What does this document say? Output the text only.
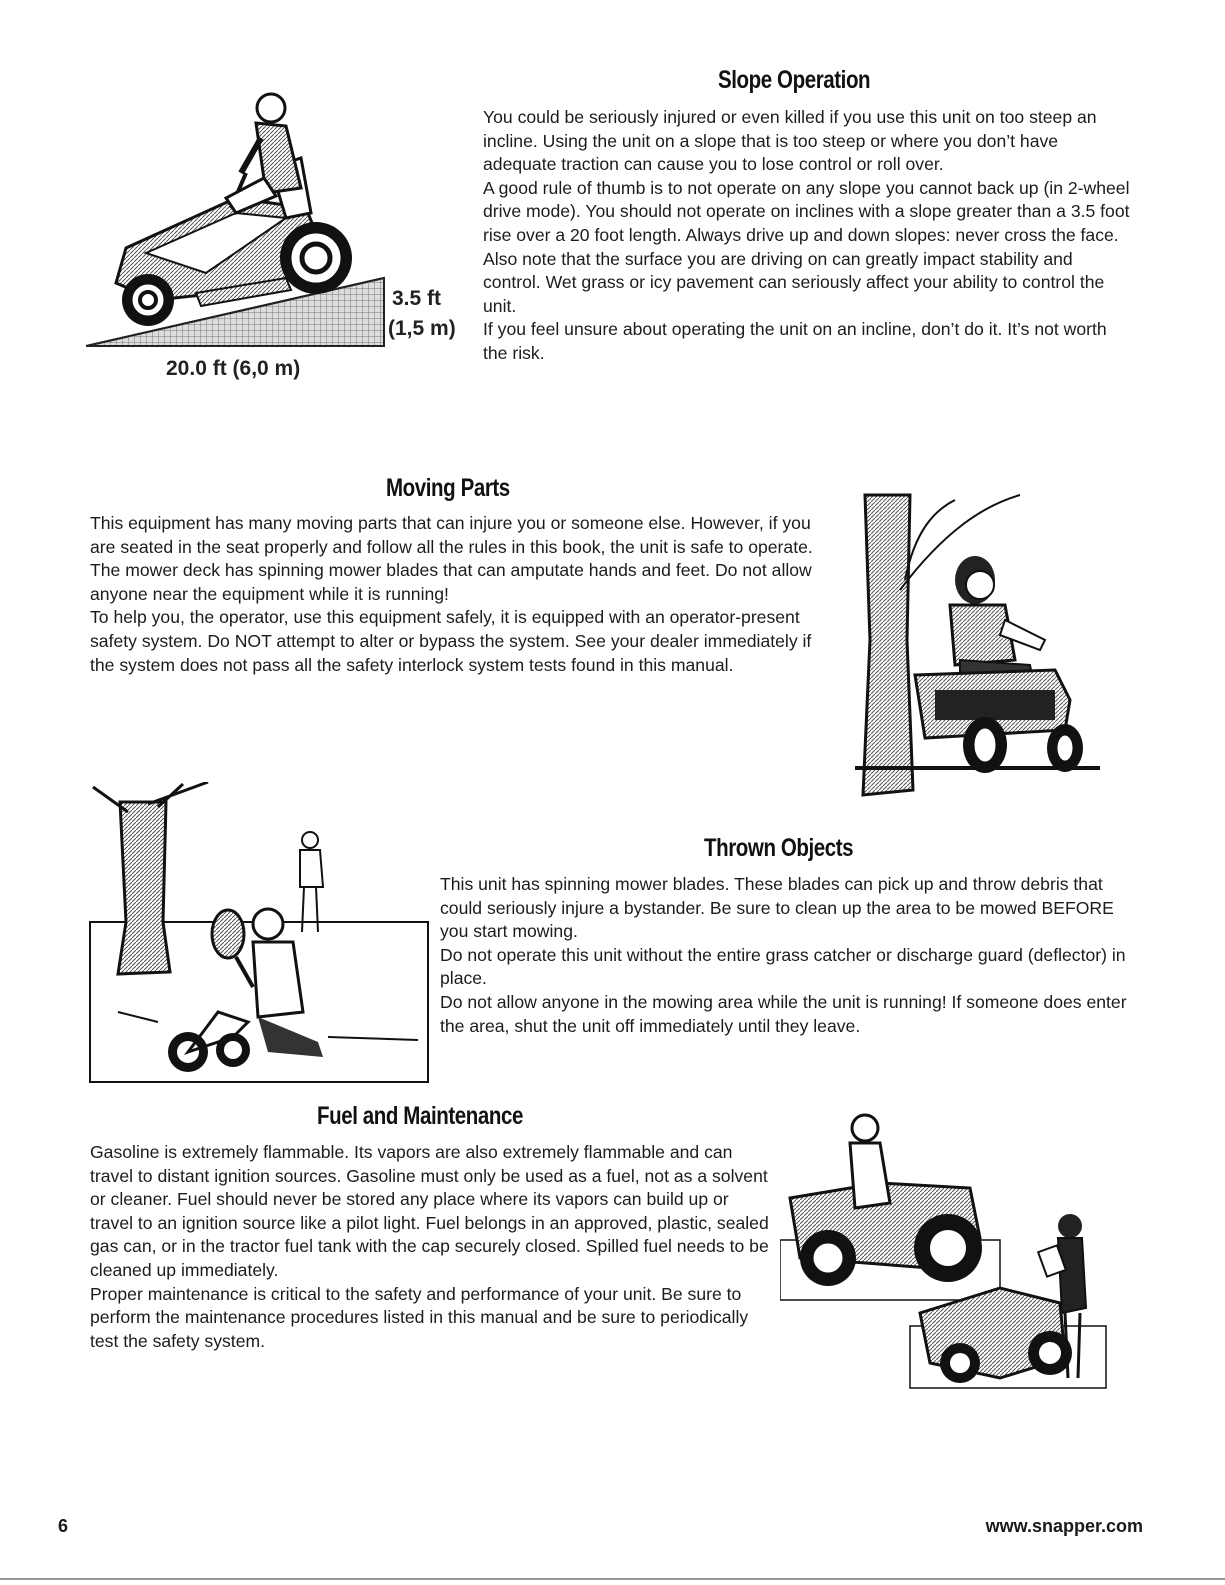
3.5 ft
(1,5 m)
20.0 ft (6,0 m)
Slope Operation

You could be seriously injured or even killed if you use this unit on too steep an incline. Using the unit on a slope that is too steep or where you don’t have adequate traction can cause you to lose control or roll over.

A good rule of thumb is to not operate on any slope you cannot back up (in 2-wheel drive mode). You should not operate on inclines with a slope greater than a 3.5 foot rise over a 20 foot length. Always drive up and down slopes: never cross the face.

Also note that the surface you are driving on can greatly impact stability and control. Wet grass or icy pavement can seriously affect your ability to control the unit.

If you feel unsure about operating the unit on an incline, don’t do it. It’s not worth the risk.

Moving Parts

This equipment has many moving parts that can injure you or someone else. However, if you are seated in the seat properly and follow all the rules in this book, the unit is safe to operate.

The mower deck has spinning mower blades that can amputate hands and feet. Do not allow anyone near the equipment while it is running!

To help you, the operator, use this equipment safely, it is equipped with an operator-present safety system. Do NOT attempt to alter or bypass the system. See your dealer immediately if the system does not pass all the safety interlock system tests found in this manual.

Thrown Objects

This unit has spinning mower blades. These blades can pick up and throw debris that could seriously injure a bystander. Be sure to clean up the area to be mowed BEFORE you start mowing.

Do not operate this unit without the entire grass catcher or discharge guard (deflector) in place.

Do not allow anyone in the mowing area while the unit is running! If someone does enter the area, shut the unit off immediately until they leave.

Fuel and Maintenance

Gasoline is extremely flammable. Its vapors are also extremely flammable and can travel to distant ignition sources. Gasoline must only be used as a fuel, not as a solvent or cleaner. Fuel should never be stored any place where its vapors can build up or travel to an ignition source like a pilot light. Fuel belongs in an approved, plastic, sealed gas can, or in the tractor fuel tank with the cap securely closed. Spilled fuel needs to be cleaned up immediately.

Proper maintenance is critical to the safety and performance of your unit. Be sure to perform the maintenance procedures listed in this manual and be sure to periodically test the safety system.

6	www.snapper.com
